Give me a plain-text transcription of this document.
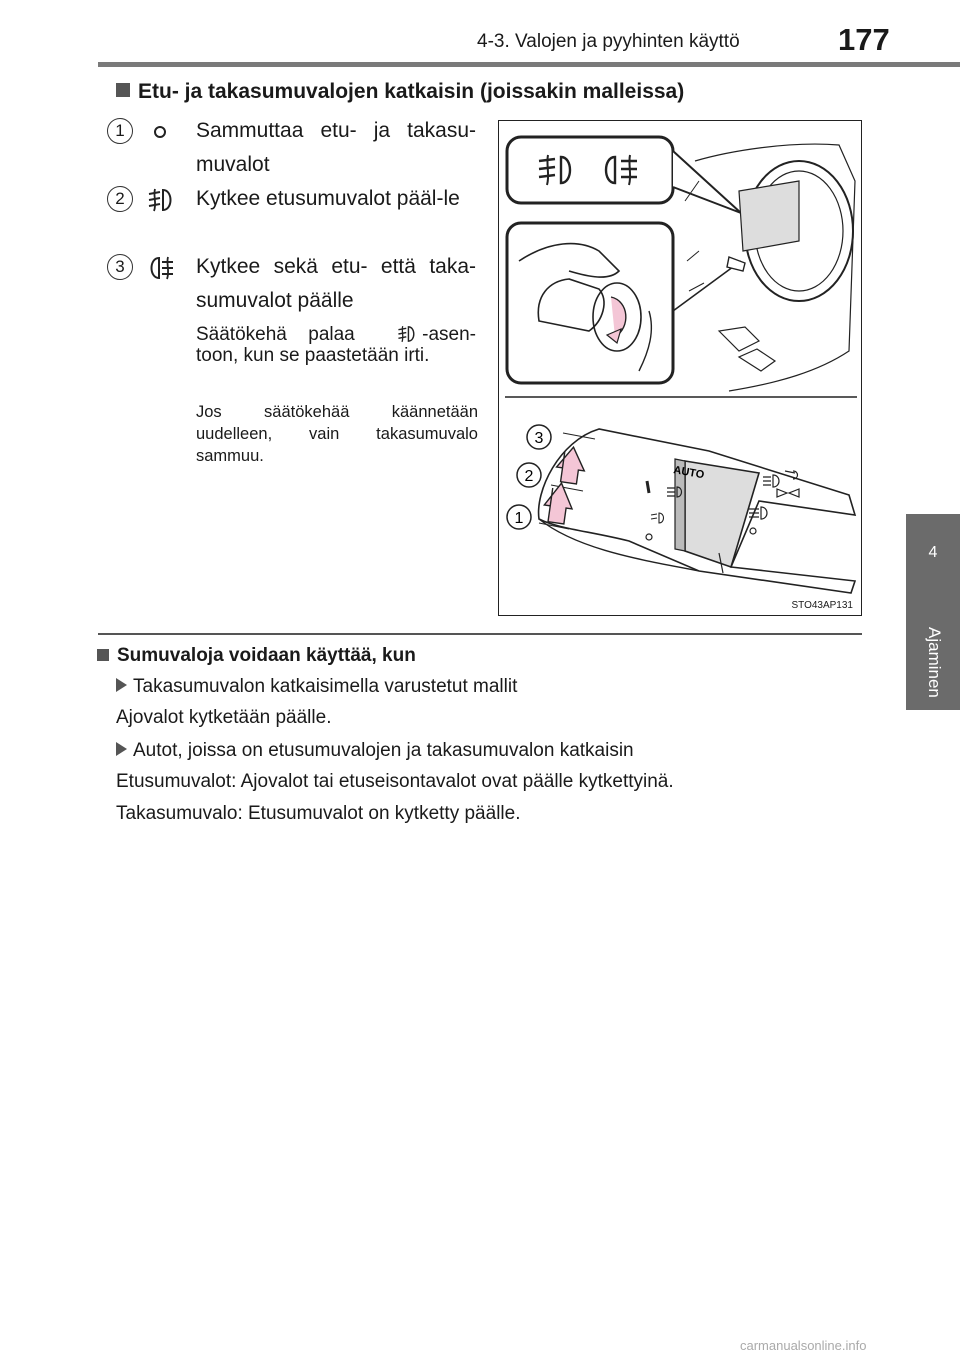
4-3. Valojen ja pyyhinten käyttö	177
4
Ajaminen
Etu- ja takasumuvalojen katkaisin (joissakin malleissa)
1	Sammuttaa etu- ja takasu-muvalot
2	Kytkee etusumuvalot pääl-le
3	Kytkee sekä etu- että taka-sumuvalot päälle
Säätökehä palaa	-asen-toon, kun se paastetään irti.
Jos säätökehää käännetään uudelleen, vain takasumuvalo sammuu.
AUTO
3
2
1
STO43AP131
Sumuvaloja voidaan käyttää, kun
Takasumuvalon katkaisimella varustetut mallit
Ajovalot kytketään päälle.
Autot, joissa on etusumuvalojen ja takasumuvalon katkaisin
Etusumuvalot: Ajovalot tai etuseisontavalot ovat päälle kytkettyinä.
Takasumuvalo: Etusumuvalot on kytketty päälle.
carmanualsonline.info
